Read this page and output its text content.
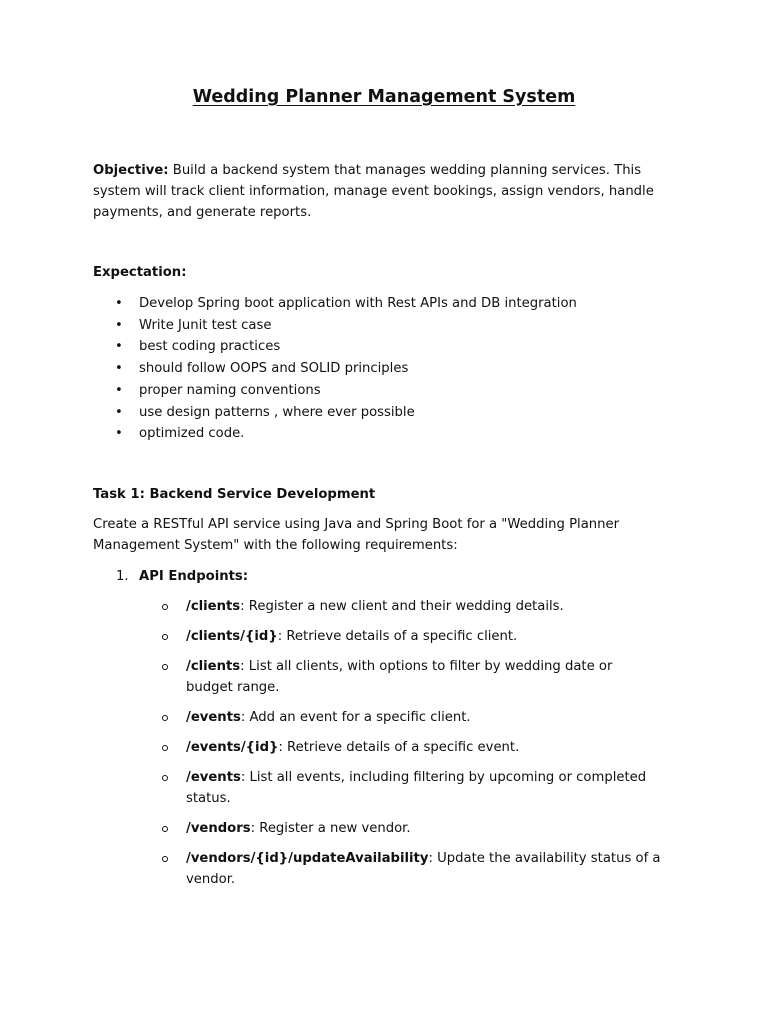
Wedding Planner Management System

Objective: Build a backend system that manages wedding planning services. This system will track client information, manage event bookings, assign vendors, handle payments, and generate reports.

Expectation:

• Develop Spring boot application with Rest APIs and DB integration
• Write Junit test case
• best coding practices
• should follow OOPS and SOLID principles
• proper naming conventions
• use design patterns , where ever possible
• optimized code.

Task 1: Backend Service Development

Create a RESTful API service using Java and Spring Boot for a "Wedding Planner Management System" with the following requirements:

1. API Endpoints:

/clients: Register a new client and their wedding details.
/clients/{id}: Retrieve details of a specific client.
/clients: List all clients, with options to filter by wedding date or budget range.
/events: Add an event for a specific client.
/events/{id}: Retrieve details of a specific event.
/events: List all events, including filtering by upcoming or completed status.
/vendors: Register a new vendor.
/vendors/{id}/updateAvailability: Update the availability status of a vendor.
